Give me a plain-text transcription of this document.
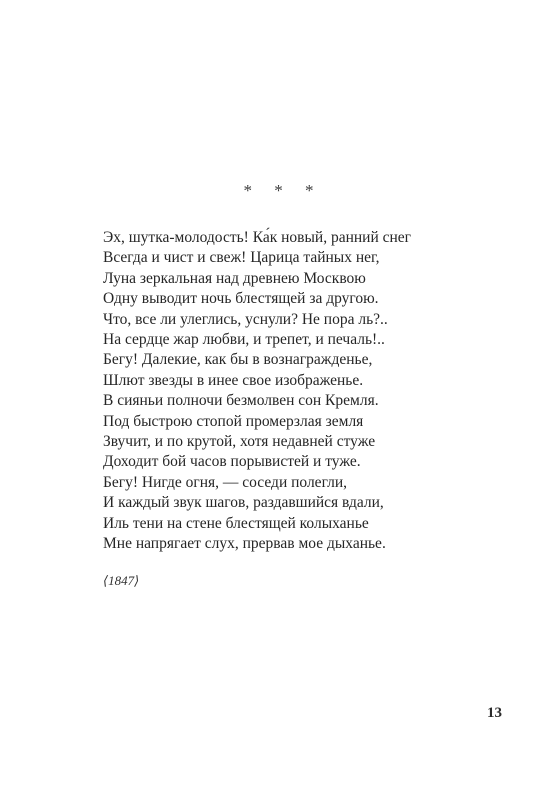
* * *
Эх, шутка-молодость! Ка́к новый, ранний снег
Всегда и чист и свеж! Царица тайных нег,
Луна зеркальная над древнею Москвою
Одну выводит ночь блестящей за другою.
Что, все ли улеглись, уснули? Не пора ль?..
На сердце жар любви, и трепет, и печаль!..
Бегу! Далекие, как бы в вознагражденье,
Шлют звезды в инее свое изображенье.
В сияньи полночи безмолвен сон Кремля.
Под быстрою стопой промерзлая земля
Звучит, и по крутой, хотя недавней стуже
Доходит бой часов порывистей и туже.
Бегу! Нигде огня, — соседи полегли,
И каждый звук шагов, раздавшийся вдали,
Иль тени на стене блестящей колыханье
Мне напрягает слух, прервав мое дыханье.
⟨1847⟩
13
